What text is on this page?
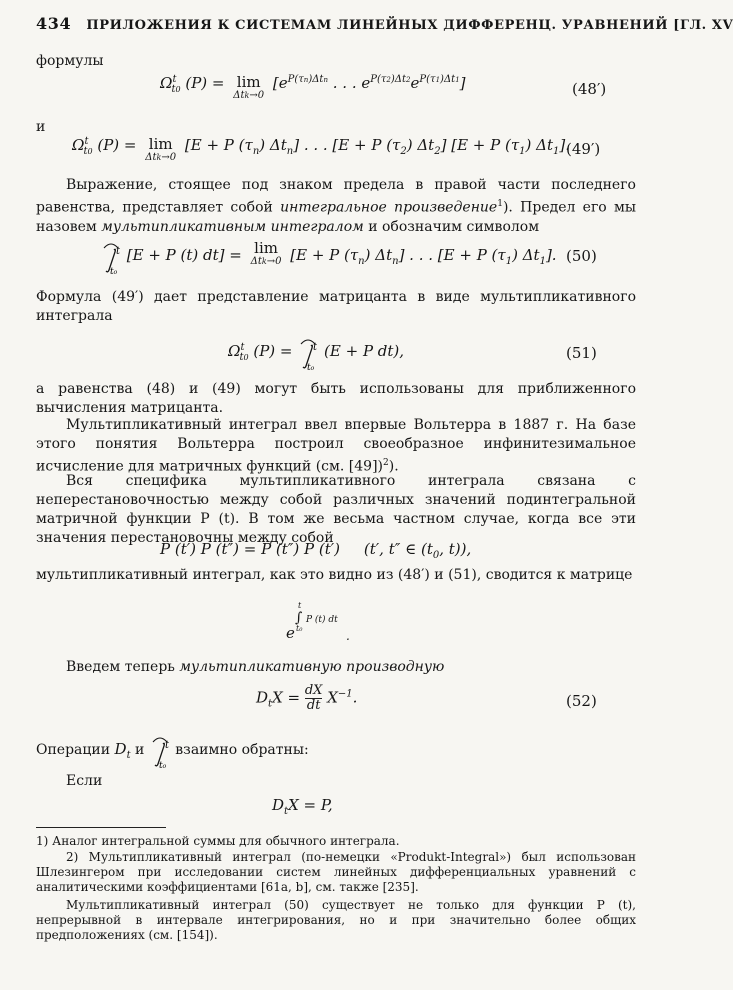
434 ПРИЛОЖЕНИЯ К СИСТЕМАМ ЛИНЕЙНЫХ ДИФФЕРЕНЦ. УРАВНЕНИЙ [ГЛ. XV
формулы
$\Omega^t_{t0}$ (P) = lim
Δtk→0
[$e^{P(\tau n)\Delta tn}$ . . . $e^{P(\tau 2)\Delta t2}e^{P(\tau 1)\Delta t1}$]	(48′)
и
$\Omega^t_{t0}$ (P) = lim
Δtk→0
[E + P $(\tau_n)$ $\Delta t_n$] . . . [E + P $(\tau_2)$ $\Delta t_2$] [E + P $(\tau_1)$ $\Delta t_1$].
(49′)
Выражение, стоящее под знаком предела в правой части последнего равенства, представляет собой интегральное произведение$^1$). Предел его мы назовем мультипликативным интегралом и обозначим символом
t
t₀
[E + P (t) dt] = lim
Δtk→0 [E + P $(\tau_n)$ $\Delta t_n$] . . . [E + P $(\tau_1)$ $\Delta t_1$]. (50)
Формула (49′) дает представление матрицанта в виде мультипликативного интеграла
$\Omega^t_{t0}$ (P) = t
t₀
(E + P dt),	(51)
а равенства (48) и (49) могут быть использованы для приближенного вычисления матрицанта.
Мультипликативный интеграл ввел впервые Вольтерра в 1887 г. На базе этого понятия Вольтерра построил своеобразное инфинитезимальное исчисление для матричных функций (см. [49])$^2$).
Вся специфика мультипликативного интеграла связана с неперестановочностью между собой различных значений подинтегральной матричной функции P (t). В том же весьма частном случае, когда все эти значения перестановочны между собой
P (t′) P (t″) = P (t″) P (t′)     (t′, t″ ∈ ($t_0$, t)),
мультипликативный интеграл, как это видно из (48′) и (51), сводится к матрице
e
∫
t
t₀
P (t) dt
.
Введем теперь мультипликативную производную
$D_tX = \frac{dX}{dt} X^{-1}$.	(52)
Операции $D_t$ и t
t₀
взаимно обратны:
Если
$D_tX = P$,
1) Аналог интегральной суммы для обычного интеграла.
2) Мультипликативный интеграл (по-немецки «Produkt-Integral») был использован Шлезингером при исследовании систем линейных дифференциальных уравнений с аналитическими коэффициентами [61a, b], см. также [235].
Мультипликативный интеграл (50) существует не только для функции P (t), непрерывной в интервале интегрирования, но и при значительно более общих предположениях (см. [154]).
